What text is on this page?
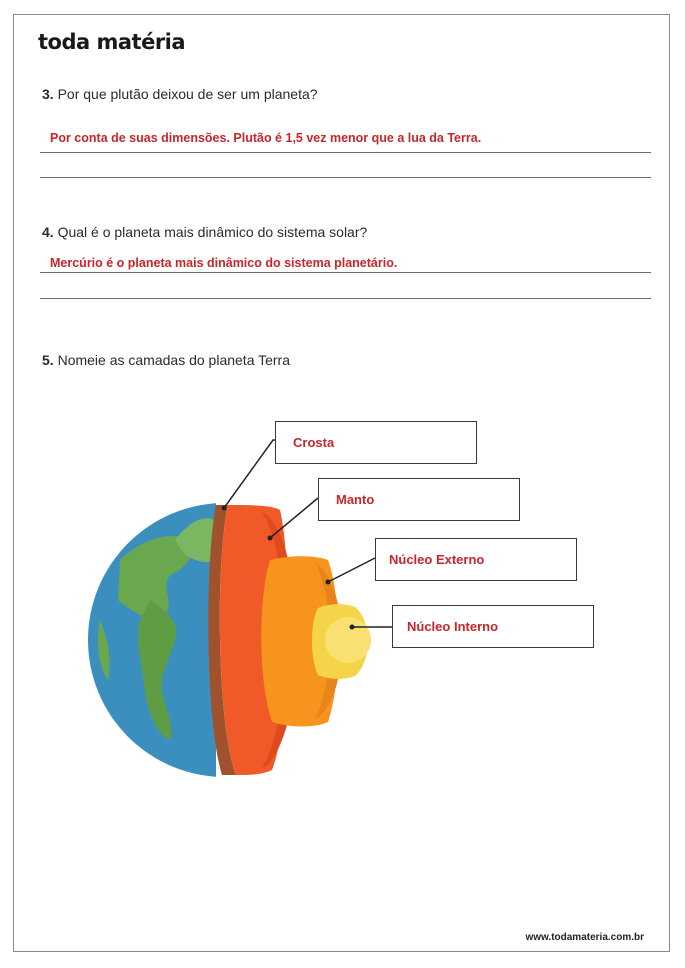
toda matéria
3. Por que plutão deixou de ser um planeta?
Por conta de suas dimensões. Plutão é 1,5 vez menor que a lua da Terra.
4. Qual é o planeta mais dinâmico do sistema solar?
Mercúrio é o planeta mais dinâmico do sistema planetário.
5. Nomeie as camadas do planeta Terra
Crosta
Manto
Núcleo Externo
Núcleo Interno
www.todamateria.com.br
